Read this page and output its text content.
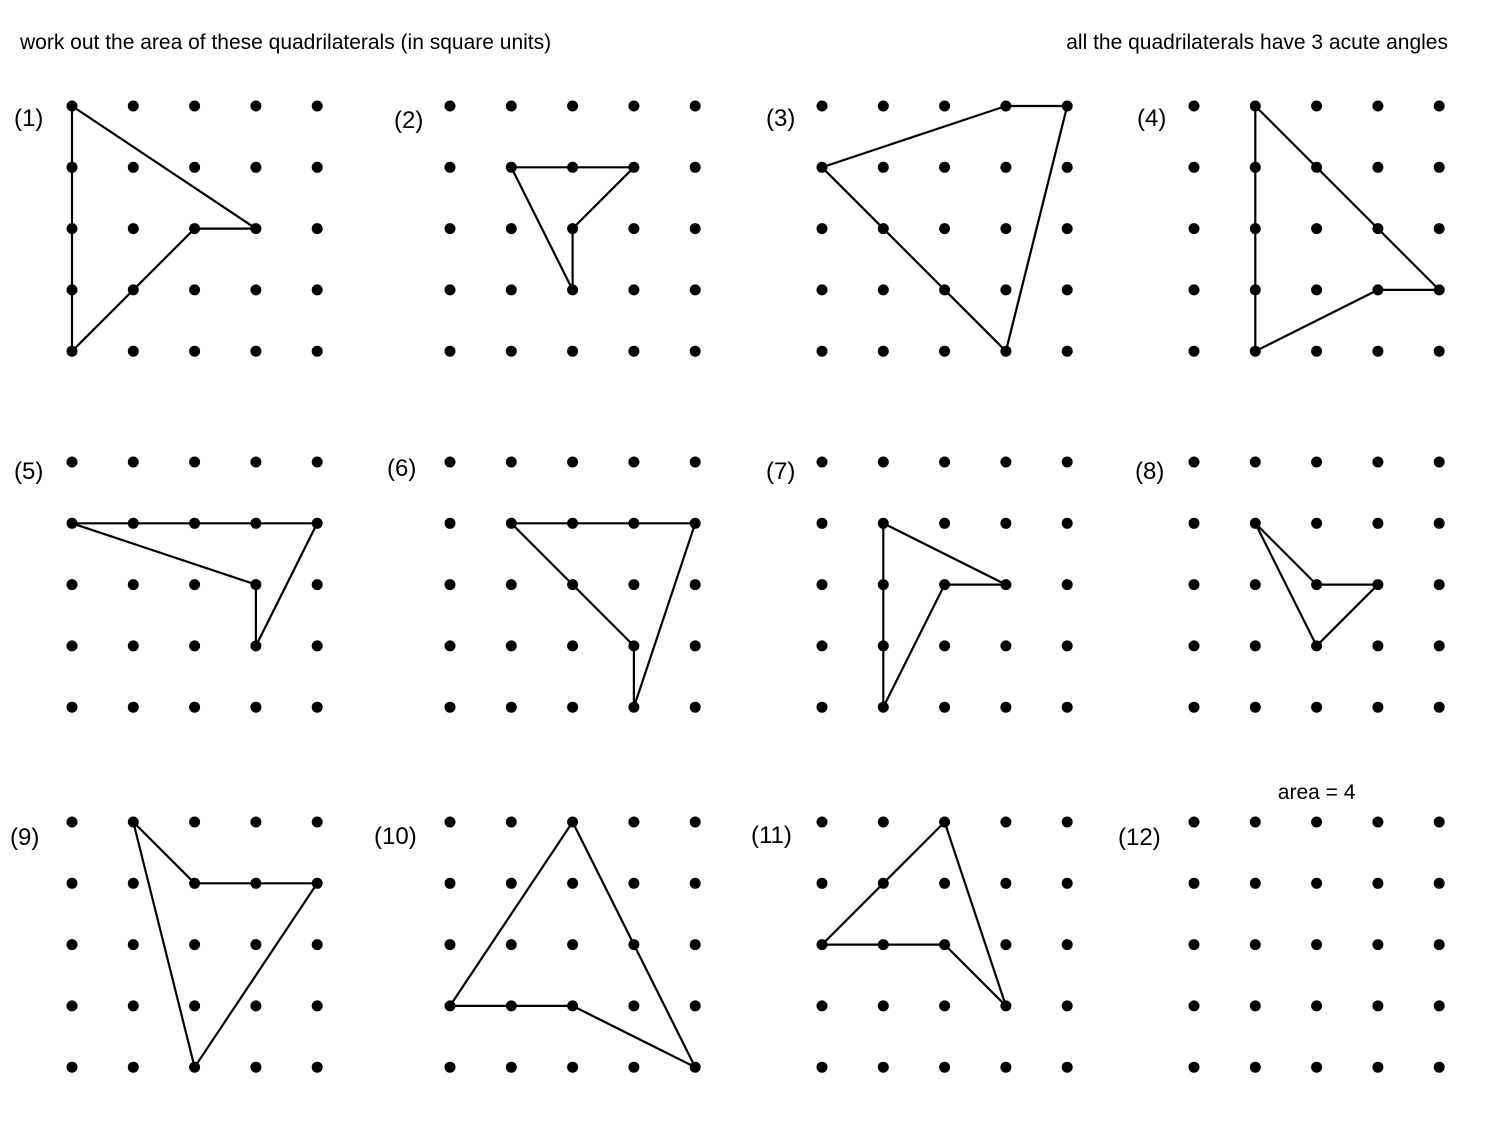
work out the area of these quadrilaterals (in square units)	all the quadrilaterals have 3 acute angles
(1)	(2)	(3)	(4)
(5)	(6)	(7)	(8)
(9)	(10)	(11)	(12)
area = 4
